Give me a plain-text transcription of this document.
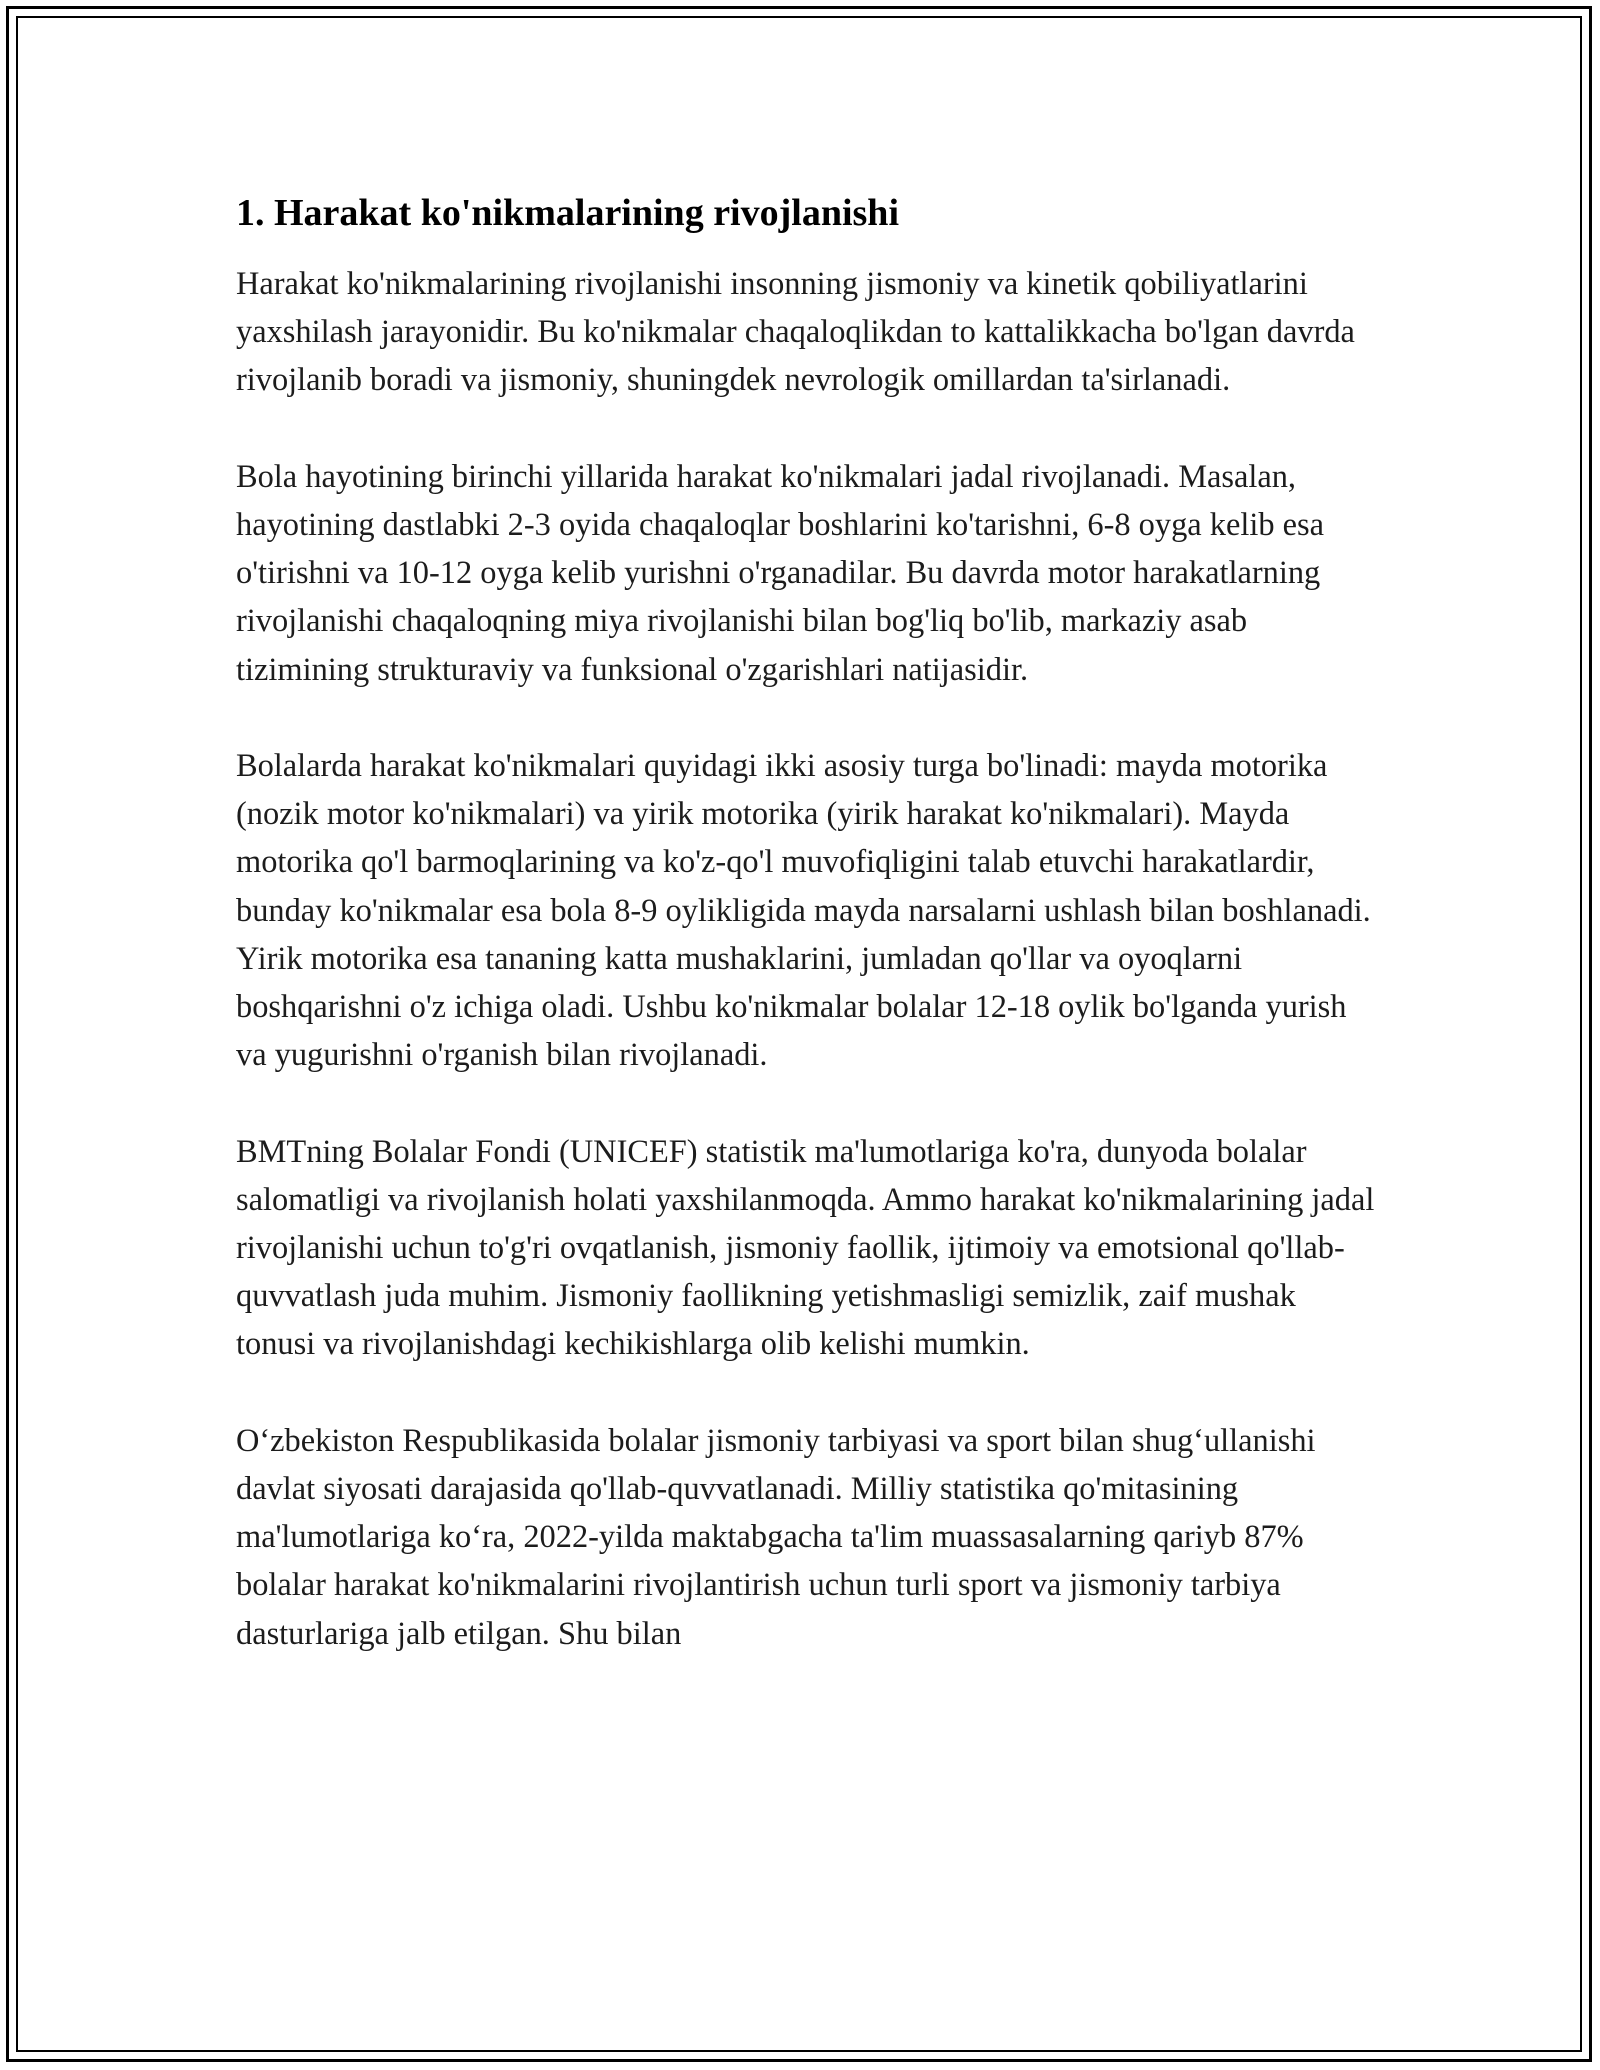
1. Harakat ko'nikmalarining rivojlanishi

Harakat ko'nikmalarining rivojlanishi insonning jismoniy va kinetik qobiliyatlarini yaxshilash jarayonidir. Bu ko'nikmalar chaqaloqlikdan to kattalikkacha bo'lgan davrda rivojlanib boradi va jismoniy, shuningdek nevrologik omillardan ta'sirlanadi.

Bola hayotining birinchi yillarida harakat ko'nikmalari jadal rivojlanadi. Masalan, hayotining dastlabki 2-3 oyida chaqaloqlar boshlarini ko'tarishni, 6-8 oyga kelib esa o'tirishni va 10-12 oyga kelib yurishni o'rganadilar. Bu davrda motor harakatlarning rivojlanishi chaqaloqning miya rivojlanishi bilan bog'liq bo'lib, markaziy asab tizimining strukturaviy va funksional o'zgarishlari natijasidir.

Bolalarda harakat ko'nikmalari quyidagi ikki asosiy turga bo'linadi: mayda motorika (nozik motor ko'nikmalari) va yirik motorika (yirik harakat ko'nikmalari). Mayda motorika qo'l barmoqlarining va ko'z-qo'l muvofiqligini talab etuvchi harakatlardir, bunday ko'nikmalar esa bola 8-9 oylikligida mayda narsalarni ushlash bilan boshlanadi. Yirik motorika esa tananing katta mushaklarini, jumladan qo'llar va oyoqlarni boshqarishni o'z ichiga oladi. Ushbu ko'nikmalar bolalar 12-18 oylik bo'lganda yurish va yugurishni o'rganish bilan rivojlanadi.

BMTning Bolalar Fondi (UNICEF) statistik ma'lumotlariga ko'ra, dunyoda bolalar salomatligi va rivojlanish holati yaxshilanmoqda. Ammo harakat ko'nikmalarining jadal rivojlanishi uchun to'g'ri ovqatlanish, jismoniy faollik, ijtimoiy va emotsional qo'llab-quvvatlash juda muhim. Jismoniy faollikning yetishmasligi semizlik, zaif mushak tonusi va rivojlanishdagi kechikishlarga olib kelishi mumkin.

O‘zbekiston Respublikasida bolalar jismoniy tarbiyasi va sport bilan shug‘ullanishi davlat siyosati darajasida qo'llab-quvvatlanadi. Milliy statistika qo'mitasining ma'lumotlariga ko‘ra, 2022-yilda maktabgacha ta'lim muassasalarning qariyb 87% bolalar harakat ko'nikmalarini rivojlantirish uchun turli sport va jismoniy tarbiya dasturlariga jalb etilgan. Shu bilan
